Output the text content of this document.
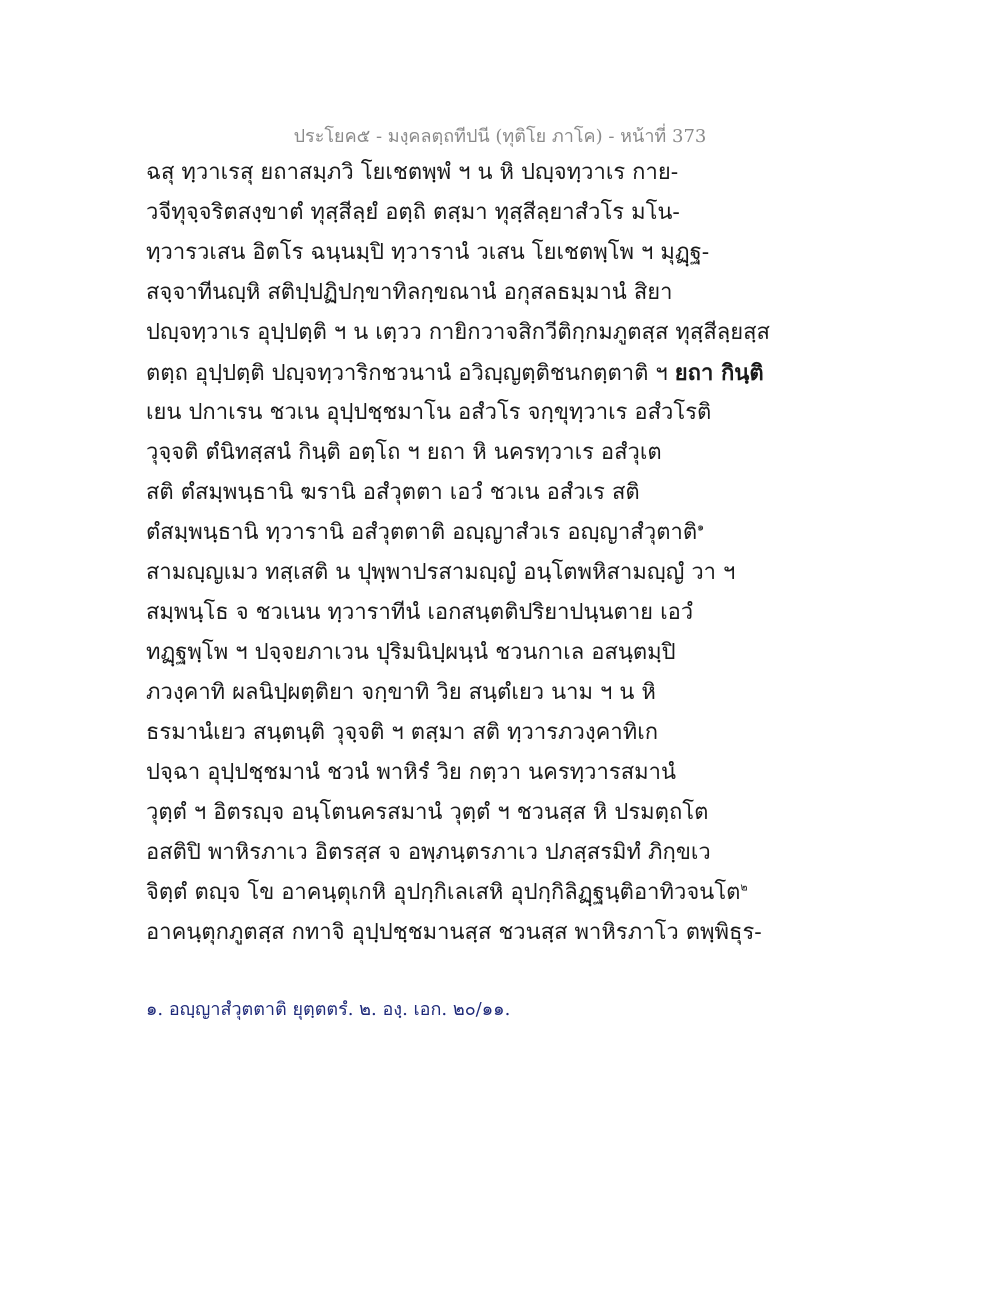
ประโยค๕ - มงฺคลตฺถทีปนี (ทุติโย ภาโค) - หน้าที่ 373
ฉสุ ทฺวาเรสุ ยถาสมฺภวิ โยเชตพฺพํ ฯ น หิ ปญฺจทฺวาเร กาย-
วจีทุจฺจริตสงฺขาตํ ทุสฺสีลฺยํ อตฺถิ ตสฺมา ทุสฺสีลฺยาสํวโร มโน-
ทฺวารวเสน อิตโร ฉนฺนมฺปิ ทฺวารานํ วเสน โยเชตพฺโพ ฯ มุฏฺฐ-
สจฺจาทีนญฺหิ สติปฺปฏิปกฺขาทิลกฺขณานํ อกุสลธมฺมานํ สิยา
ปญฺจทฺวาเร อุปฺปตฺติ ฯ น เตฺวว กายิกวาจสิกวีติกฺกมภูตสฺส ทุสฺสีลฺยสฺส
ตตฺถ อุปฺปตฺติ ปญฺจทฺวาริกชวนานํ อวิญฺญตฺติชนกตฺตาติ ฯ ยถา กินฺติ
เยน ปกาเรน ชวเน อุปฺปชฺชมาโน อสํวโร จกฺขุทฺวาเร อสํวโรติ
วุจฺจติ ตํนิทสฺสนํ กินฺติ อตฺโถ ฯ ยถา หิ นครทฺวาเร อสํวุเต
สติ ตํสมฺพนฺธานิ ฆรานิ อสํวุตตา เอวํ ชวเน อสํวเร สติ
ตํสมฺพนฺธานิ ทฺวารานิ อสํวุตตาติ อญฺญาสํวเร อญฺญาสํวุตาติ$^๑$
สามญฺญเมว ทสฺเสติ น ปุพฺพาปรสามญฺญํ อนฺโตพหิสามญฺญํ วา ฯ
สมฺพนฺโธ จ ชวเนน ทฺวาราทีนํ เอกสนฺตติปริยาปนฺนตาย เอวํ
ทฏฺฐพฺโพ ฯ ปจฺจยภาเวน ปุริมนิปฺผนฺนํ ชวนกาเล อสนฺตมฺปิ
ภวงฺคาทิ ผลนิปฺผตฺติยา จกฺขาทิ วิย สนฺตํเยว นาม ฯ น หิ
ธรมานํเยว สนฺตนฺติ วุจฺจติ ฯ ตสฺมา สติ ทฺวารภวงฺคาทิเก
ปจฺฉา อุปฺปชฺชมานํ ชวนํ พาหิรํ วิย กตฺวา นครทฺวารสมานํ
วุตฺตํ ฯ อิตรญฺจ อนฺโตนครสมานํ วุตฺตํ ฯ ชวนสฺส หิ ปรมตฺถโต
อสติปิ พาหิรภาเว อิตรสฺส จ อพฺภนฺตรภาเว ปภสฺสรมิทํ ภิกฺขเว
จิตฺตํ ตญฺจ โข อาคนฺตุเกหิ อุปกฺกิเลเสหิ อุปกฺกิลิฏฺฐนฺติอาทิวจนโต$^๒$
อาคนฺตุกภูตสฺส กทาจิ อุปฺปชฺชมานสฺส ชวนสฺส พาหิรภาโว ตพฺพิธุร-
๑. อญฺญาสํวุตตาติ ยุตฺตตรํ. ๒. องฺ. เอก. ๒๐/๑๑.
